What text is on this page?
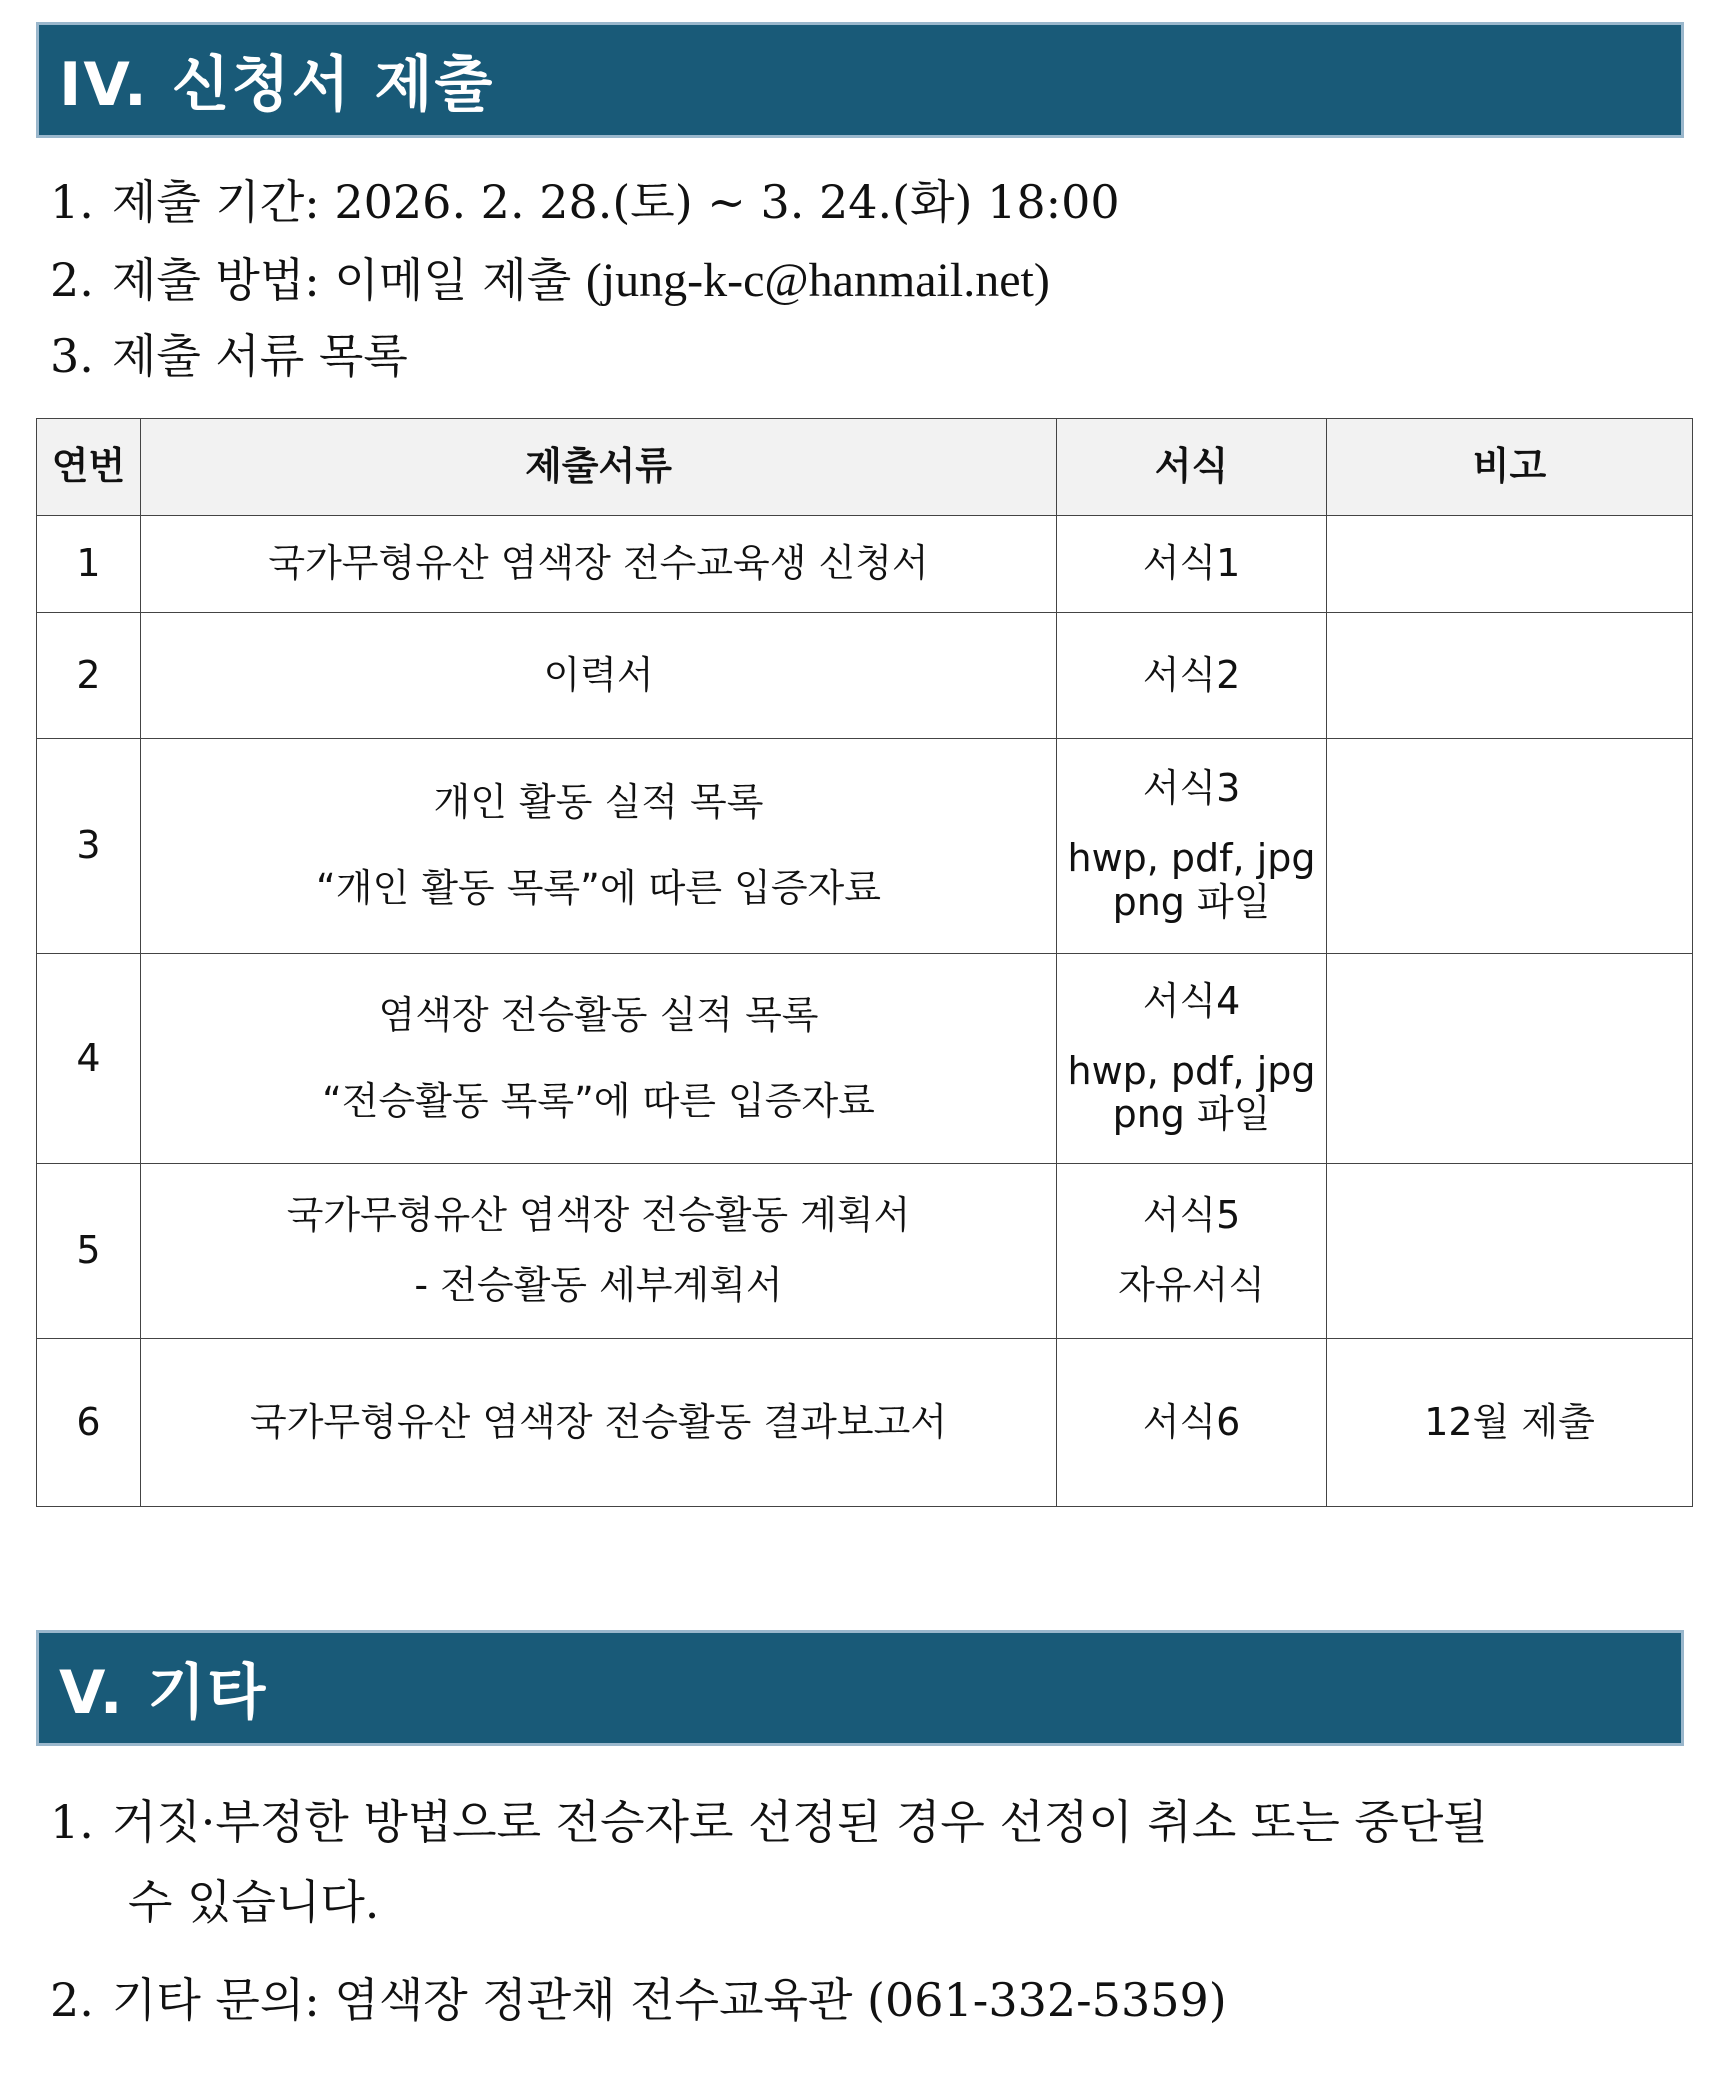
IV. 신청서 제출
1. 제출 기간: 2026. 2. 28.(토) ~ 3. 24.(화) 18:00
2. 제출 방법: 이메일 제출 (jung-k-c@hanmail.net)
3. 제출 서류 목록
연번	제출서류	서식	비고
1	국가무형유산 염색장 전수교육생 신청서	서식1	

2	이력서	서식2	

3	개인 활동 실적 목록
“개인 활동 목록”에 따른 입증자료	서식3
hwp, pdf, jpg
png 파일	

4	염색장 전승활동 실적 목록
“전승활동 목록”에 따른 입증자료	서식4
hwp, pdf, jpg
png 파일	

5	국가무형유산 염색장 전승활동 계획서
- 전승활동 세부계획서	서식5
자유서식	

6	국가무형유산 염색장 전승활동 결과보고서	서식6	12월 제출
V. 기타
1. 거짓·부정한 방법으로 전승자로 선정된 경우 선정이 취소 또는 중단될
수 있습니다.
2. 기타 문의: 염색장 정관채 전수교육관 (061-332-5359)
